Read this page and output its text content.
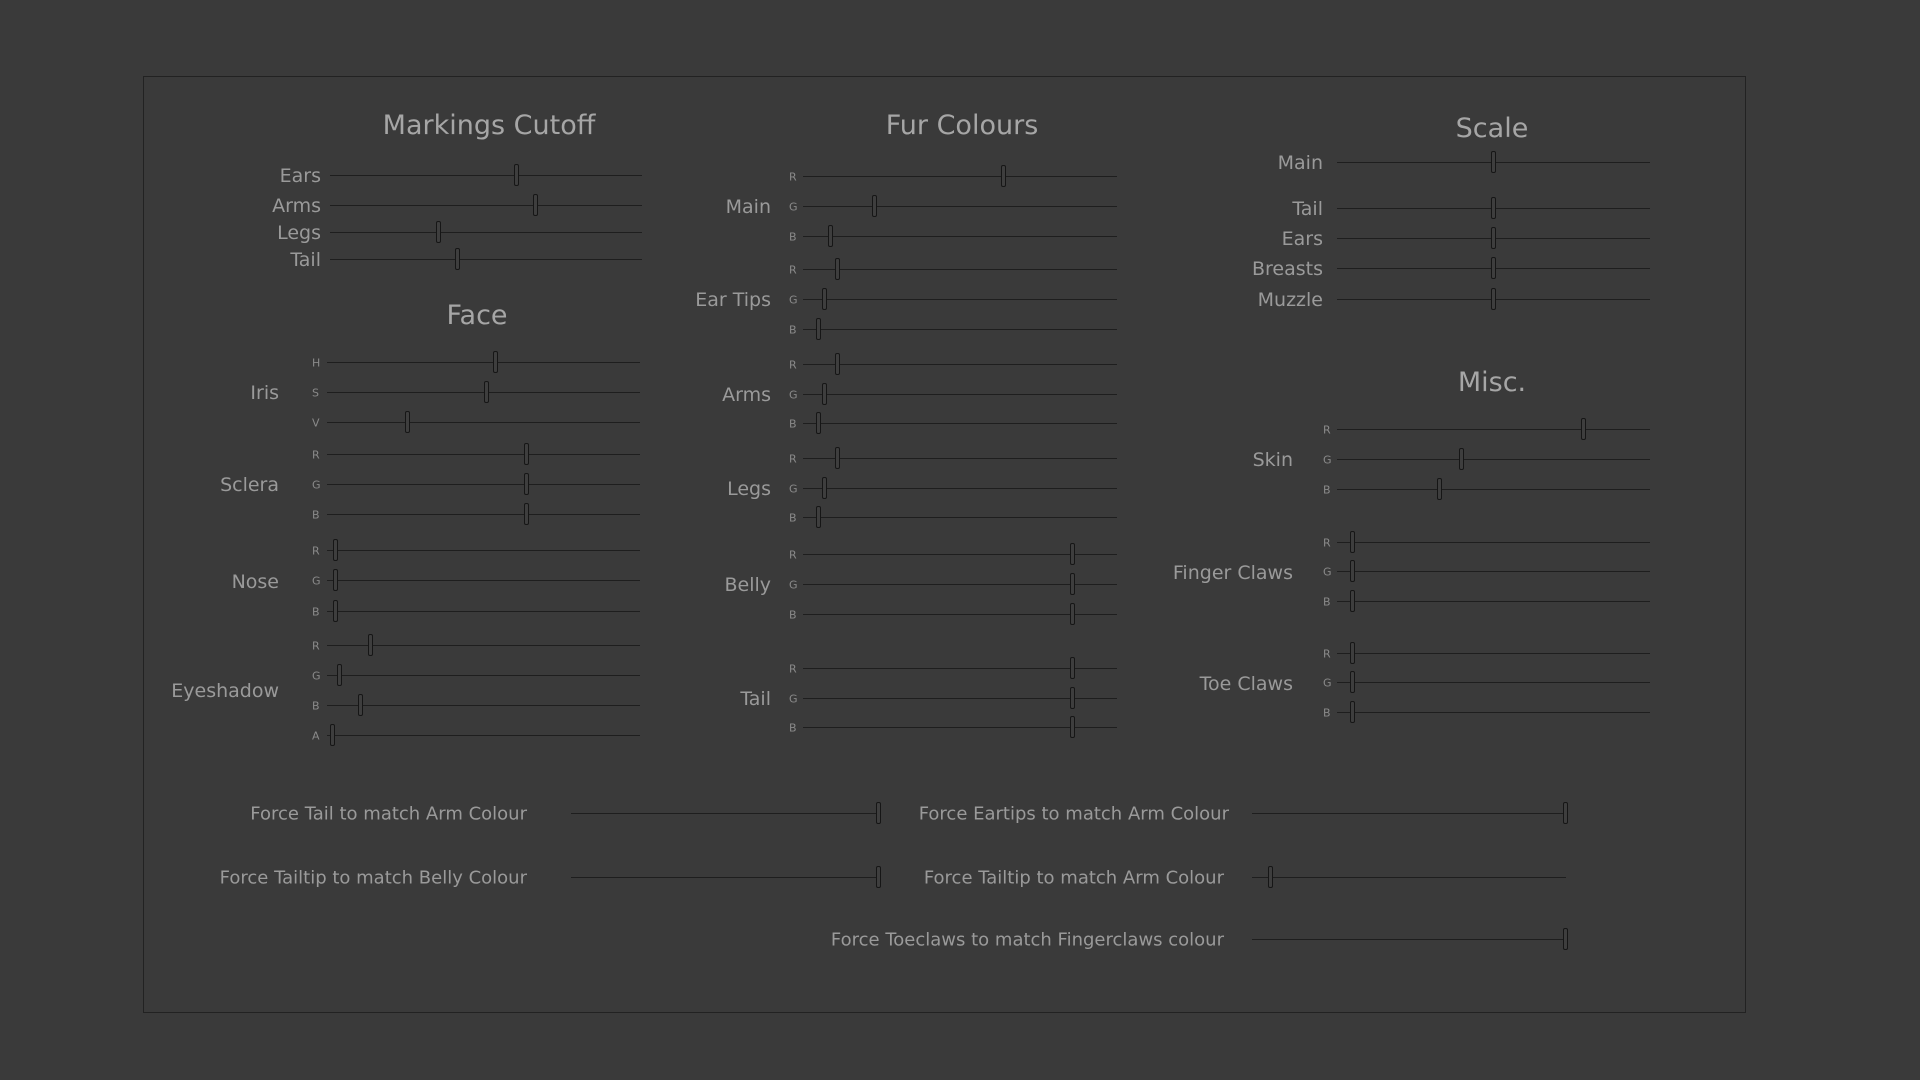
Markings Cutoff
Face
Fur Colours	Scale
Misc.
Ears
Arms
Legs
Tail
Iris
H
S
V
Sclera
R
G
B
Nose
R
G
B
Eyeshadow
R
G
B
A
Main
R
G
B
Ear Tips
R
G
B
Arms
R
G
B
Legs
R
G
B
Belly
R
G
B
Tail
R
G
B
Main
Tail
Ears
Breasts
Muzzle
Skin
R
G
B
Finger Claws
R
G
B
Toe Claws
R
G
B
Force Tail to match Arm Colour
Force Tailtip to match Belly Colour
Force Eartips to match Arm Colour
Force Tailtip to match Arm Colour
Force Toeclaws to match Fingerclaws colour
